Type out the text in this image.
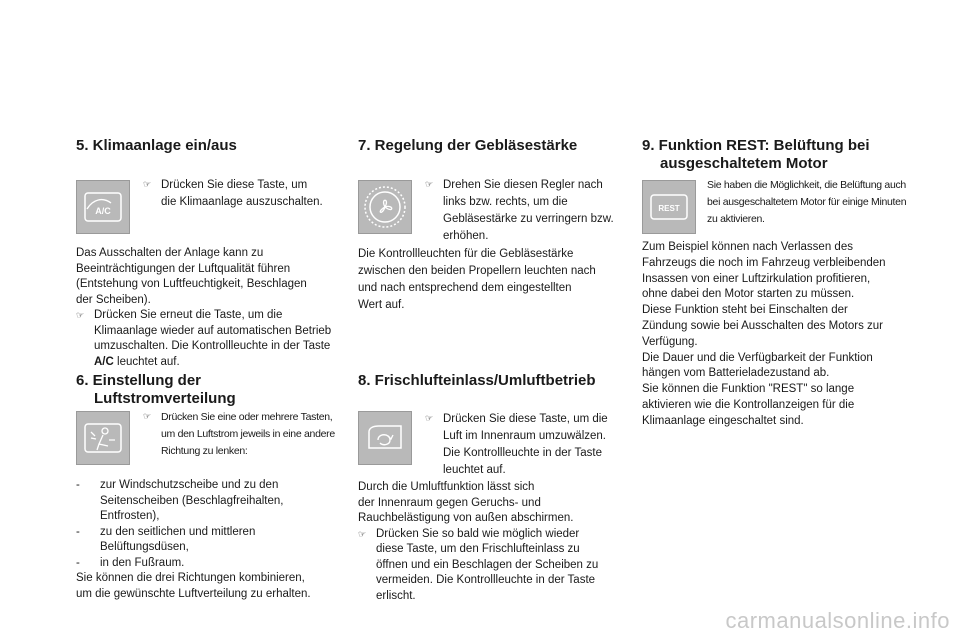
5. Klimaanlage ein/aus
A/C
☞ Drücken Sie diese Taste, um die Klimaanlage auszuschalten.
Das Ausschalten der Anlage kann zu
Beeinträchtigungen der Luftqualität führen
(Entstehung von Luftfeuchtigkeit, Beschlagen
der Scheiben).
☞ Drücken Sie erneut die Taste, um die Klimaanlage wieder auf automatischen Betrieb umzuschalten. Die Kontrollleuchte in der Taste A/C leuchtet auf.
6. Einstellung der
Luftstromverteilung
☞ Drücken Sie eine oder mehrere Tasten, um den Luftstrom jeweils in eine andere Richtung zu lenken:
-	zur Windschutzscheibe und zu den Seitenscheiben (Beschlagfreihalten, Entfrosten),
-	zu den seitlichen und mittleren Belüftungsdüsen,
-	in den Fußraum.
Sie können die drei Richtungen kombinieren,
um die gewünschte Luftverteilung zu erhalten.
7. Regelung der Gebläsestärke
☞ Drehen Sie diesen Regler nach links bzw. rechts, um die Gebläsestärke zu verringern bzw. erhöhen.
Die Kontrollleuchten für die Gebläsestärke
zwischen den beiden Propellern leuchten nach
und nach entsprechend dem eingestellten
Wert auf.
8. Frischlufteinlass/Umluftbetrieb
☞ Drücken Sie diese Taste, um die Luft im Innenraum umzuwälzen. Die Kontrollleuchte in der Taste leuchtet auf.
Durch die Umluftfunktion lässt sich
der Innenraum gegen Geruchs- und
Rauchbelästigung von außen abschirmen.
☞ Drücken Sie so bald wie möglich wieder diese Taste, um den Frischlufteinlass zu öffnen und ein Beschlagen der Scheiben zu vermeiden. Die Kontrollleuchte in der Taste erlischt.
9. Funktion REST: Belüftung bei
ausgeschaltetem Motor
REST
Sie haben die Möglichkeit, die Belüftung auch bei ausgeschaltetem Motor für einige Minuten zu aktivieren.
Zum Beispiel können nach Verlassen des
Fahrzeugs die noch im Fahrzeug verbleibenden
Insassen von einer Luftzirkulation profitieren,
ohne dabei den Motor starten zu müssen.
Diese Funktion steht bei Einschalten der
Zündung sowie bei Ausschalten des Motors zur
Verfügung.
Die Dauer und die Verfügbarkeit der Funktion
hängen vom Batterieladezustand ab.
Sie können die Funktion "REST" so lange
aktivieren wie die Kontrollanzeigen für die
Klimaanlage eingeschaltet sind.
carmanualsonline.info
